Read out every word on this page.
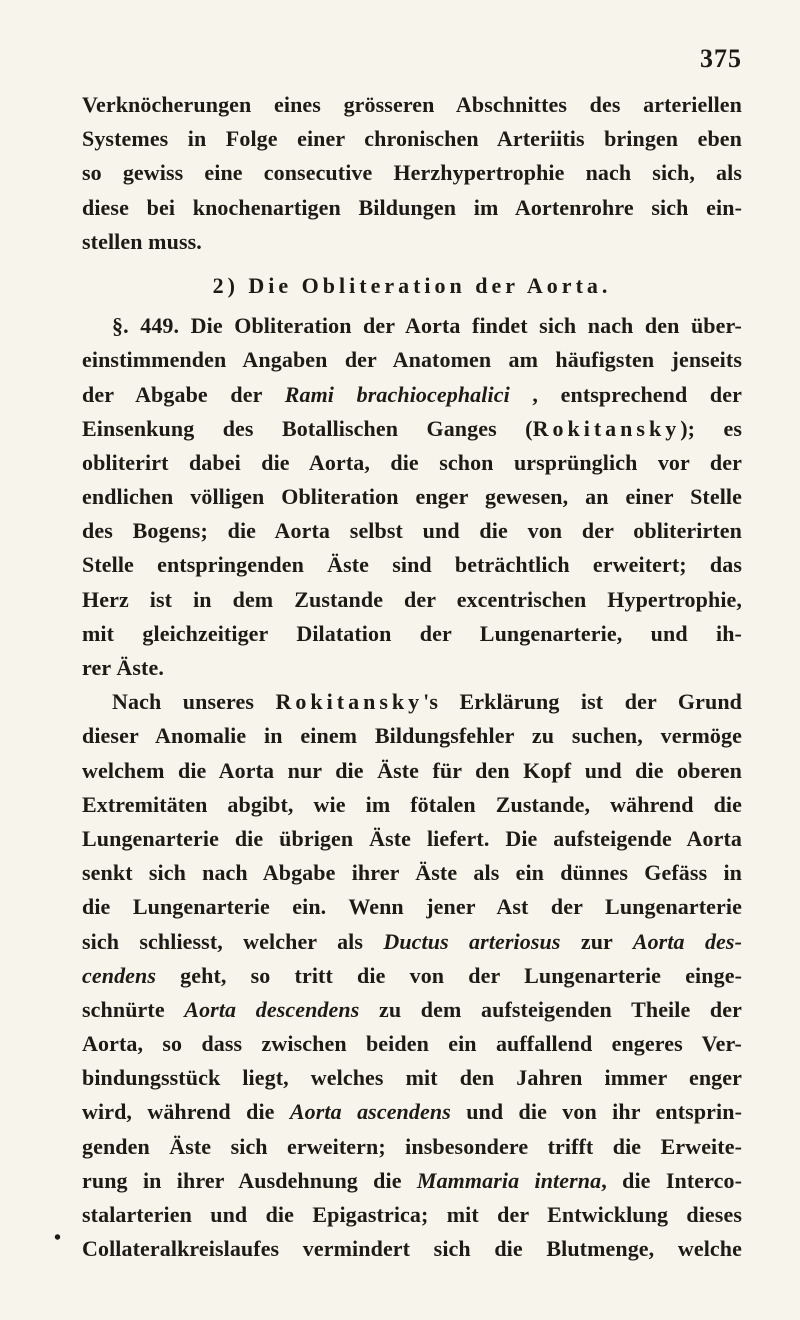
375
Verknöcherungen eines grösseren Abschnittes des arteriellen
Systemes in Folge einer chronischen Arteriitis bringen eben
so gewiss eine consecutive Herzhypertrophie nach sich, als
diese bei knochenartigen Bildungen im Aortenrohre sich ein-
stellen muss.
2) Die Obliteration der Aorta.
§. 449. Die Obliteration der Aorta findet sich nach den über-
einstimmenden Angaben der Anatomen am häufigsten jenseits
der Abgabe der Rami brachiocephalici , entsprechend der
Einsenkung des Botallischen Ganges (Rokitansky); es
obliterirt dabei die Aorta, die schon ursprünglich vor der
endlichen völligen Obliteration enger gewesen, an einer Stelle
des Bogens; die Aorta selbst und die von der obliterirten
Stelle entspringenden Äste sind beträchtlich erweitert; das
Herz ist in dem Zustande der excentrischen Hypertrophie,
mit gleichzeitiger Dilatation der Lungenarterie, und ih-
rer Äste.
Nach unseres Rokitansky's Erklärung ist der Grund
dieser Anomalie in einem Bildungsfehler zu suchen, vermöge
welchem die Aorta nur die Äste für den Kopf und die oberen
Extremitäten abgibt, wie im fötalen Zustande, während die
Lungenarterie die übrigen Äste liefert. Die aufsteigende Aorta
senkt sich nach Abgabe ihrer Äste als ein dünnes Gefäss in
die Lungenarterie ein. Wenn jener Ast der Lungenarterie
sich schliesst, welcher als Ductus arteriosus zur Aorta des-
cendens geht, so tritt die von der Lungenarterie einge-
schnürte Aorta descendens zu dem aufsteigenden Theile der
Aorta, so dass zwischen beiden ein auffallend engeres Ver-
bindungsstück liegt, welches mit den Jahren immer enger
wird, während die Aorta ascendens und die von ihr entsprin-
genden Äste sich erweitern; insbesondere trifft die Erweite-
rung in ihrer Ausdehnung die Mammaria interna, die Interco-
stalarterien und die Epigastrica; mit der Entwicklung dieses
Collateralkreislaufes vermindert sich die Blutmenge, welche
•
